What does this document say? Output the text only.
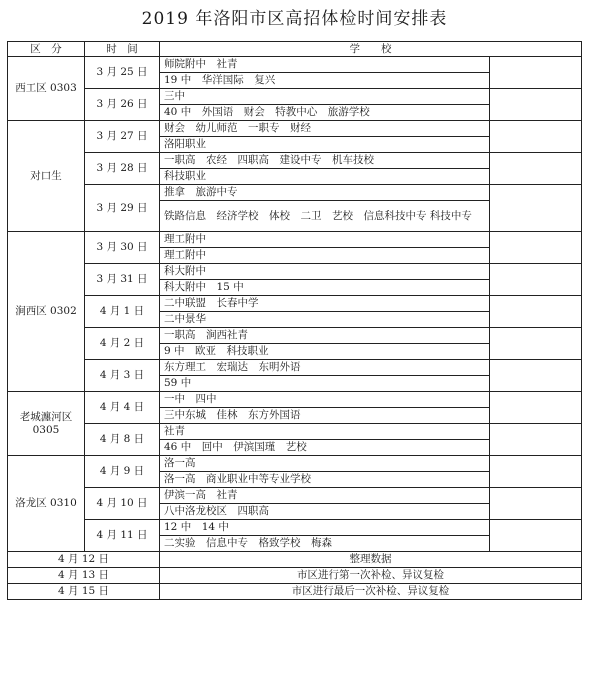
2019 年洛阳市区高招体检时间安排表
区　分	时　间	学　　校	
西工区 0303	3 月 25 日	师院附中　社青	
		19 中　华洋国际　复兴	
	3 月 26 日	三中	
		40 中　外国语　财会　特教中心　旅游学校	
对口生	3 月 27 日	财会　幼儿师范　一职专　财经	
		洛阳职业	
	3 月 28 日	一职高　农经　四职高　建设中专　机车技校	
		科技职业	
	3 月 29 日	推拿　旅游中专	
		铁路信息　经济学校　体校　二卫　艺校　信息科技中专 科技中专	
涧西区 0302	3 月 30 日	理工附中	
		理工附中	
	3 月 31 日	科大附中	
		科大附中　15 中	
	4 月 1 日	二中联盟　长春中学	
		二中景华	
	4 月 2 日	一职高　涧西社青	
		9 中　欧亚　科技职业	
	4 月 3 日	东方理工　宏瑞达　东明外语	
		59 中	
老城瀍河区 0305	4 月 4 日	一中　四中	
		三中东城　佳林　东方外国语	
	4 月 8 日	社青	
		46 中　回中　伊滨国瑾　艺校	
洛龙区 0310	4 月 9 日	洛一高	
		洛一高　商业职业中等专业学校	
	4 月 10 日	伊滨一高　社青	
		八中洛龙校区　四职高	
	4 月 11 日	12 中　14 中	
		二实验　信息中专　格致学校　梅森	
4 月 12 日		整理数据	
4 月 13 日		市区进行第一次补检、异议复检	
4 月 15 日		市区进行最后一次补检、异议复检	
